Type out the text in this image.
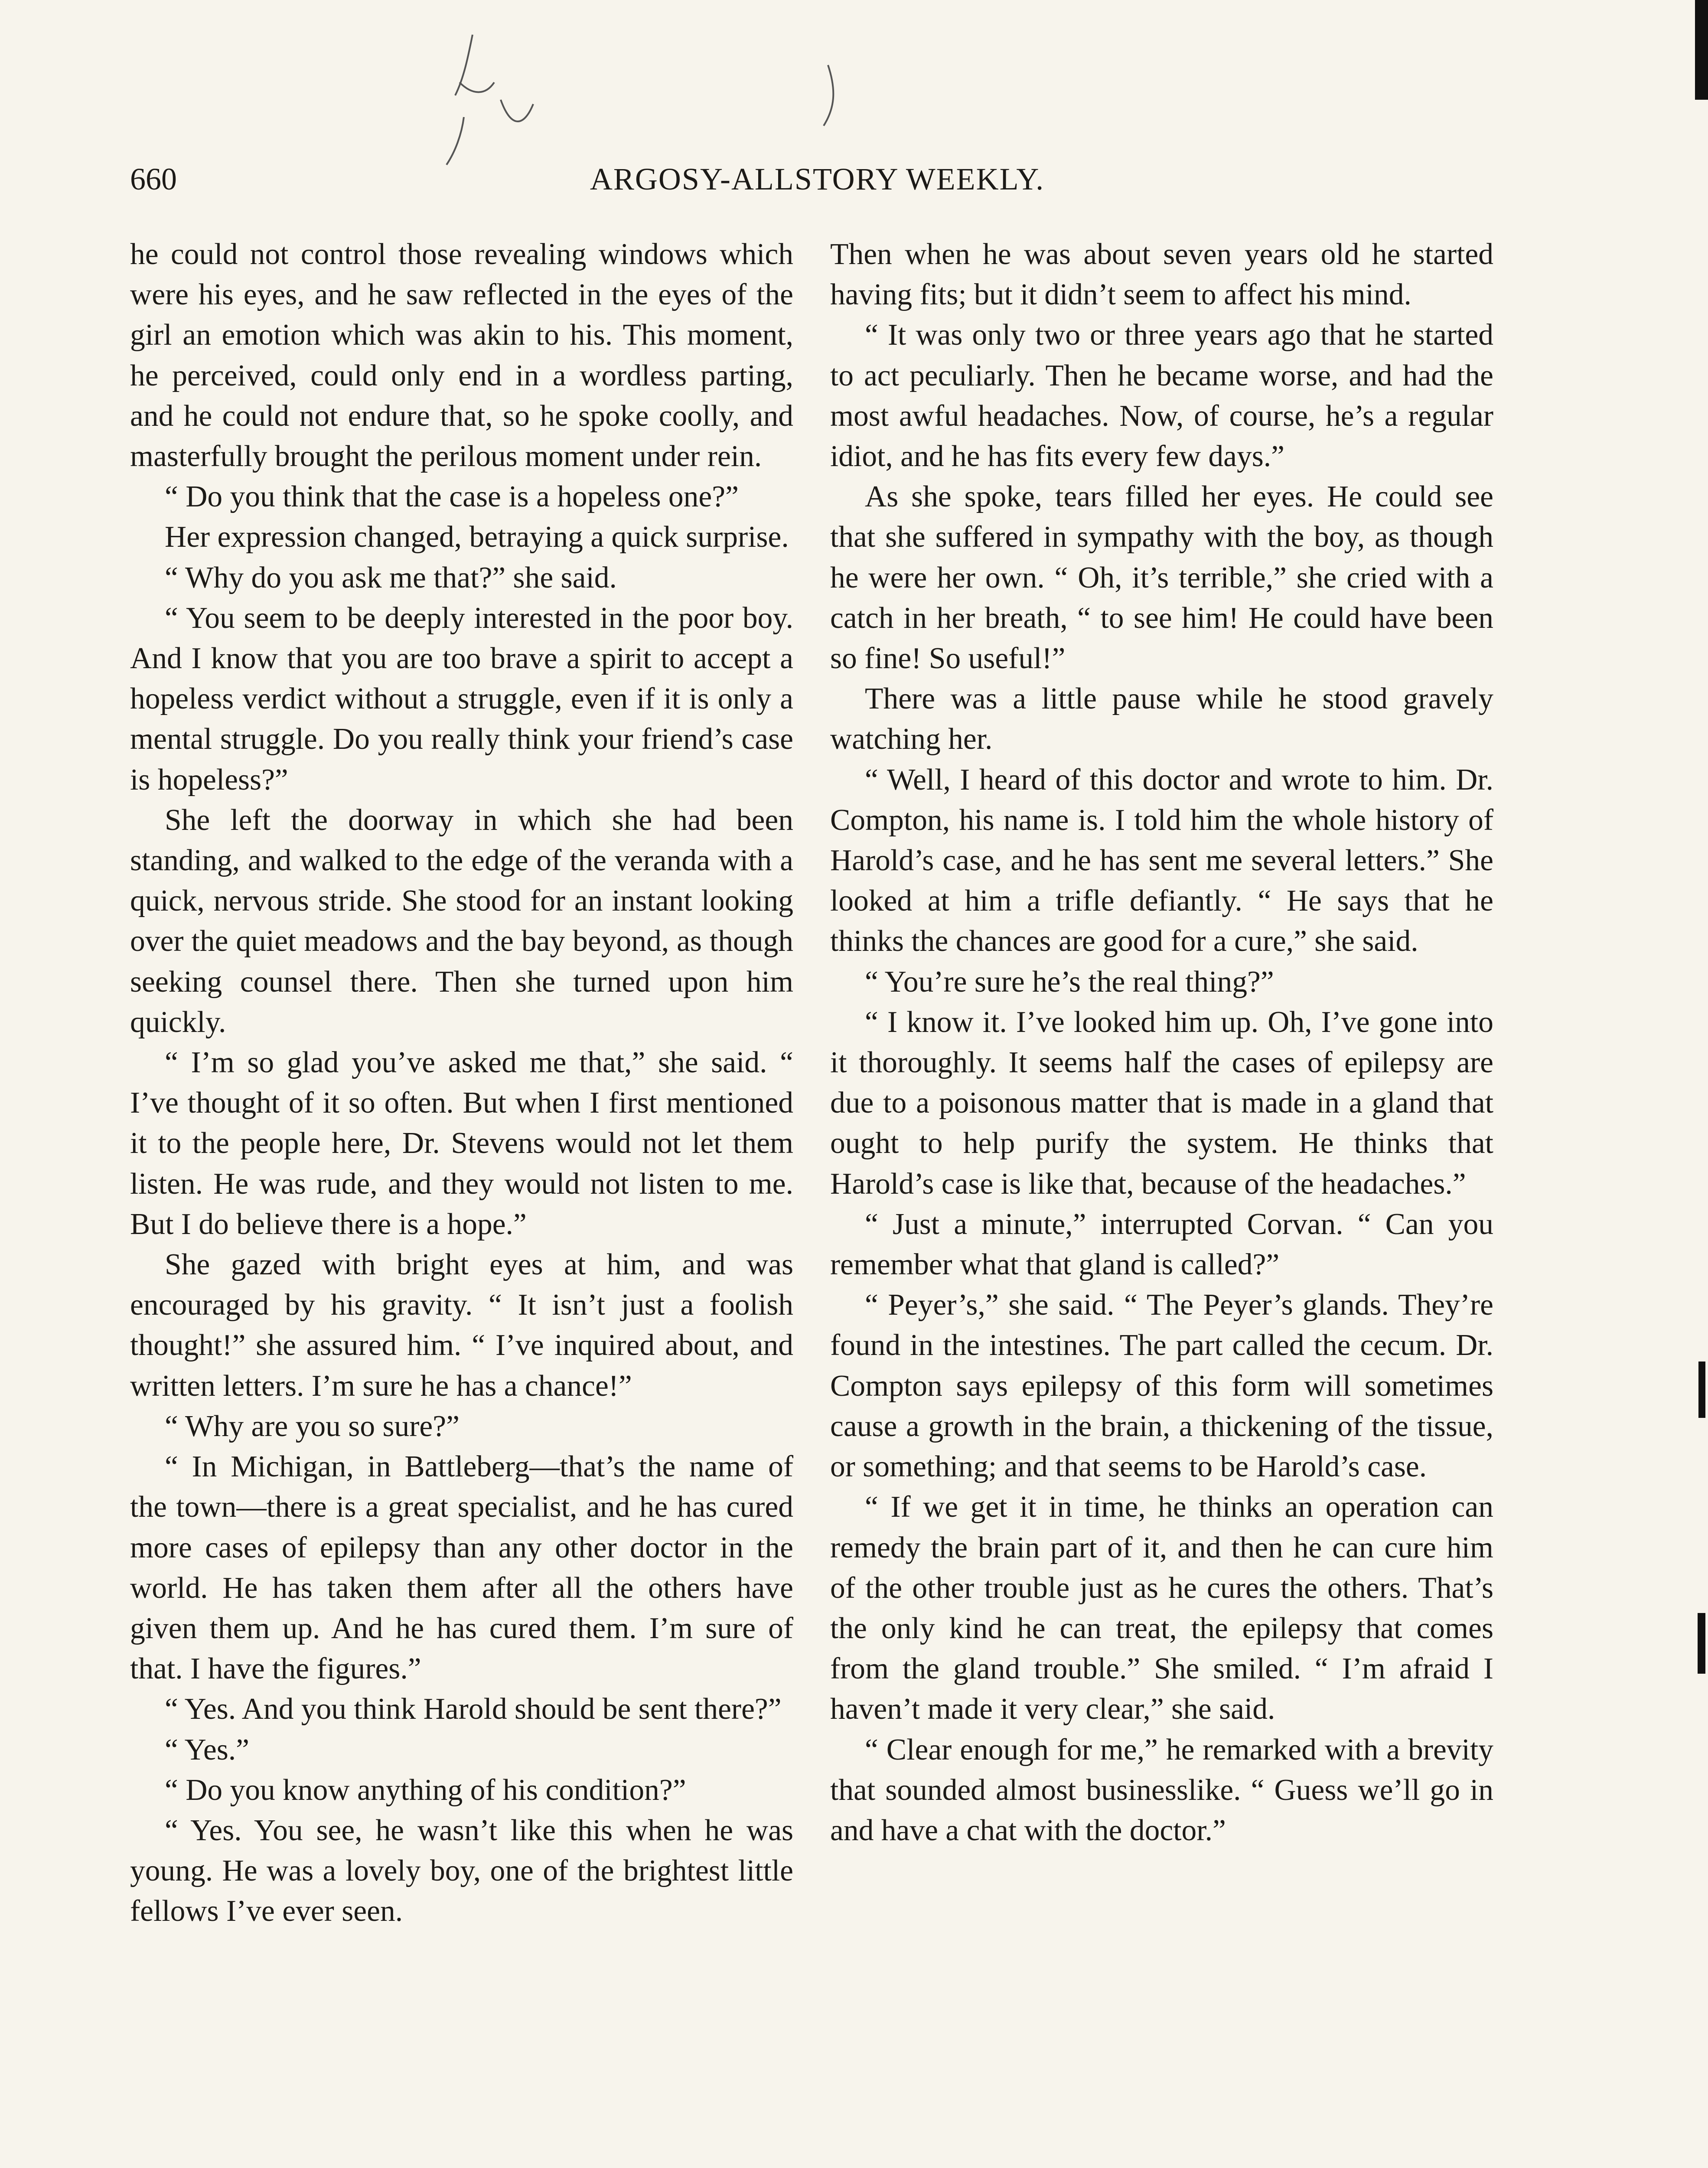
660	ARGOSY-ALLSTORY WEEKLY.

he could not control those revealing windows which were his eyes, and he saw reflected in the eyes of the girl an emotion which was akin to his. This moment, he perceived, could only end in a wordless parting, and he could not endure that, so he spoke coolly, and masterfully brought the perilous moment under rein.

“ Do you think that the case is a hopeless one?”

Her expression changed, betraying a quick surprise.

“ Why do you ask me that?” she said.

“ You seem to be deeply interested in the poor boy. And I know that you are too brave a spirit to accept a hopeless verdict without a struggle, even if it is only a mental struggle. Do you really think your friend’s case is hopeless?”

She left the doorway in which she had been standing, and walked to the edge of the veranda with a quick, nervous stride. She stood for an instant looking over the quiet meadows and the bay beyond, as though seeking counsel there. Then she turned upon him quickly.

“ I’m so glad you’ve asked me that,” she said. “ I’ve thought of it so often. But when I first mentioned it to the people here, Dr. Stevens would not let them listen. He was rude, and they would not listen to me. But I do believe there is a hope.”

She gazed with bright eyes at him, and was encouraged by his gravity. “ It isn’t just a foolish thought!” she assured him. “ I’ve inquired about, and written letters. I’m sure he has a chance!”

“ Why are you so sure?”

“ In Michigan, in Battleberg—that’s the name of the town—there is a great specialist, and he has cured more cases of epilepsy than any other doctor in the world. He has taken them after all the others have given them up. And he has cured them. I’m sure of that. I have the figures.”

“ Yes. And you think Harold should be sent there?”

“ Yes.”

“ Do you know anything of his condition?”

“ Yes. You see, he wasn’t like this when he was young. He was a lovely boy, one of the brightest little fellows I’ve ever seen.

Then when he was about seven years old he started having fits; but it didn’t seem to affect his mind.

“ It was only two or three years ago that he started to act peculiarly. Then he became worse, and had the most awful headaches. Now, of course, he’s a regular idiot, and he has fits every few days.”

As she spoke, tears filled her eyes. He could see that she suffered in sympathy with the boy, as though he were her own. “ Oh, it’s terrible,” she cried with a catch in her breath, “ to see him! He could have been so fine! So useful!”

There was a little pause while he stood gravely watching her.

“ Well, I heard of this doctor and wrote to him. Dr. Compton, his name is. I told him the whole history of Harold’s case, and he has sent me several letters.” She looked at him a trifle defiantly. “ He says that he thinks the chances are good for a cure,” she said.

“ You’re sure he’s the real thing?”

“ I know it. I’ve looked him up. Oh, I’ve gone into it thoroughly. It seems half the cases of epilepsy are due to a poisonous matter that is made in a gland that ought to help purify the system. He thinks that Harold’s case is like that, because of the headaches.”

“ Just a minute,” interrupted Corvan. “ Can you remember what that gland is called?”

“ Peyer’s,” she said. “ The Peyer’s glands. They’re found in the intestines. The part called the cecum. Dr. Compton says epilepsy of this form will sometimes cause a growth in the brain, a thickening of the tissue, or something; and that seems to be Harold’s case.

“ If we get it in time, he thinks an operation can remedy the brain part of it, and then he can cure him of the other trouble just as he cures the others. That’s the only kind he can treat, the epilepsy that comes from the gland trouble.” She smiled. “ I’m afraid I haven’t made it very clear,” she said.

“ Clear enough for me,” he remarked with a brevity that sounded almost businesslike. “ Guess we’ll go in and have a chat with the doctor.”
